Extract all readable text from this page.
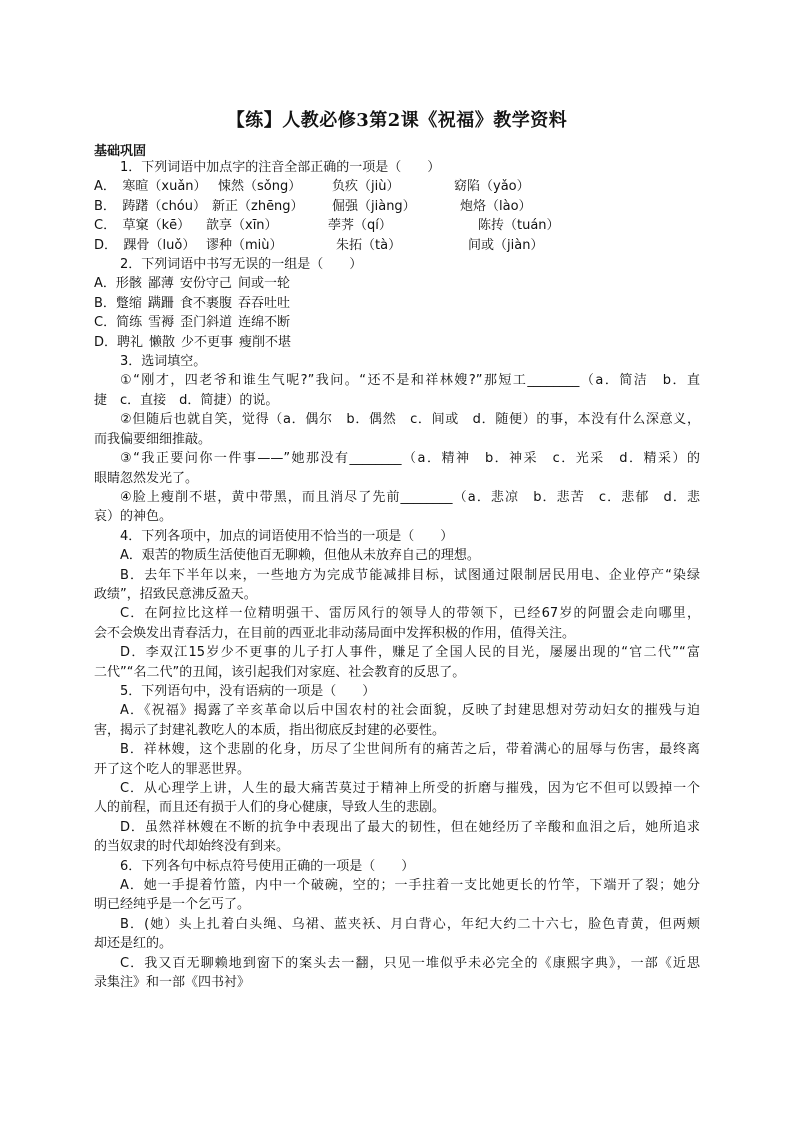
【练】人教必修3第2课《祝福》教学资料
基础巩固
1．下列词语中加点字的注音全部正确的一项是（　　）
A．　寒暄（xuǎn） 悚然（sǒng）	负疚（jiù）	窈陷（yǎo）
B．　踌躇（chóu） 新正（zhēng）	倔强（jiàng）	炮烙（lào）
C．　草窠（kē）	歆享（xīn）	荸荠（qí）	陈抟（tuán）
D．　踝骨（luǒ） 谬种（miù）	朱拓（tà）	间或（jiàn）
2．下列词语中书写无误的一组是（　　）
A．形骸 鄙薄 安份守己 间或一轮
B．蹩缩 蹒跚 食不裹腹 吞吞吐吐
C．简练 雪褥 歪门斜道 连绵不断
D．聘礼 懒散 少不更事 瘦削不堪
3．选词填空。
①“刚才，四老爷和谁生气呢?”我问。“还不是和祥林嫂?”那短工________（a．简洁　b．直
捷　c．直接　d．简捷）的说。
②但随后也就自笑，觉得（a．偶尔　b．偶然　c．间或　d．随便）的事，本没有什么深意义，
而我偏要细细推敲。
③“我正要问你一件事——”她那没有________（a．精神　b．神采　c．光采　d．精采）的
眼睛忽然发光了。
④脸上瘦削不堪，黄中带黑，而且消尽了先前________（a．悲凉　b．悲苦　c．悲郁　d．悲
哀）的神色。
4．下列各项中，加点的词语使用不恰当的一项是（　　）
A．艰苦的物质生活使他百无聊赖，但他从未放弃自己的理想。
B．去年下半年以来，一些地方为完成节能减排目标，试图通过限制居民用电、企业停产“染绿
政绩”，招致民意沸反盈天。
C．在阿拉比这样一位精明强干、雷厉风行的领导人的带领下，已经67岁的阿盟会走向哪里，
会不会焕发出青春活力，在目前的西亚北非动荡局面中发挥积极的作用，值得关注。
D．李双江15岁少不更事的儿子打人事件，赚足了全国人民的目光，屡屡出现的“官二代”“富
二代”“名二代”的丑闻，该引起我们对家庭、社会教育的反思了。
5．下列语句中，没有语病的一项是（　　）
A．《祝福》揭露了辛亥革命以后中国农村的社会面貌，反映了封建思想对劳动妇女的摧残与迫
害，揭示了封建礼教吃人的本质，指出彻底反封建的必要性。
B．祥林嫂，这个悲剧的化身，历尽了尘世间所有的痛苦之后，带着满心的屈辱与伤害，最终离
开了这个吃人的罪恶世界。
C．从心理学上讲，人生的最大痛苦莫过于精神上所受的折磨与摧残，因为它不但可以毁掉一个
人的前程，而且还有损于人们的身心健康，导致人生的悲剧。
D．虽然祥林嫂在不断的抗争中表现出了最大的韧性，但在她经历了辛酸和血泪之后，她所追求
的当奴隶的时代却始终没有到来。
6．下列各句中标点符号使用正确的一项是（　　）
A．她一手提着竹篮，内中一个破碗，空的；一手拄着一支比她更长的竹竿，下端开了裂；她分
明已经纯乎是一个乞丐了。
B．(她）头上扎着白头绳、乌裙、蓝夹袄、月白背心，年纪大约二十六七，脸色青黄，但两颊
却还是红的。
C．我又百无聊赖地到窗下的案头去一翻，只见一堆似乎未必完全的《康熙字典》，一部《近思
录集注》和一部《四书衬》
